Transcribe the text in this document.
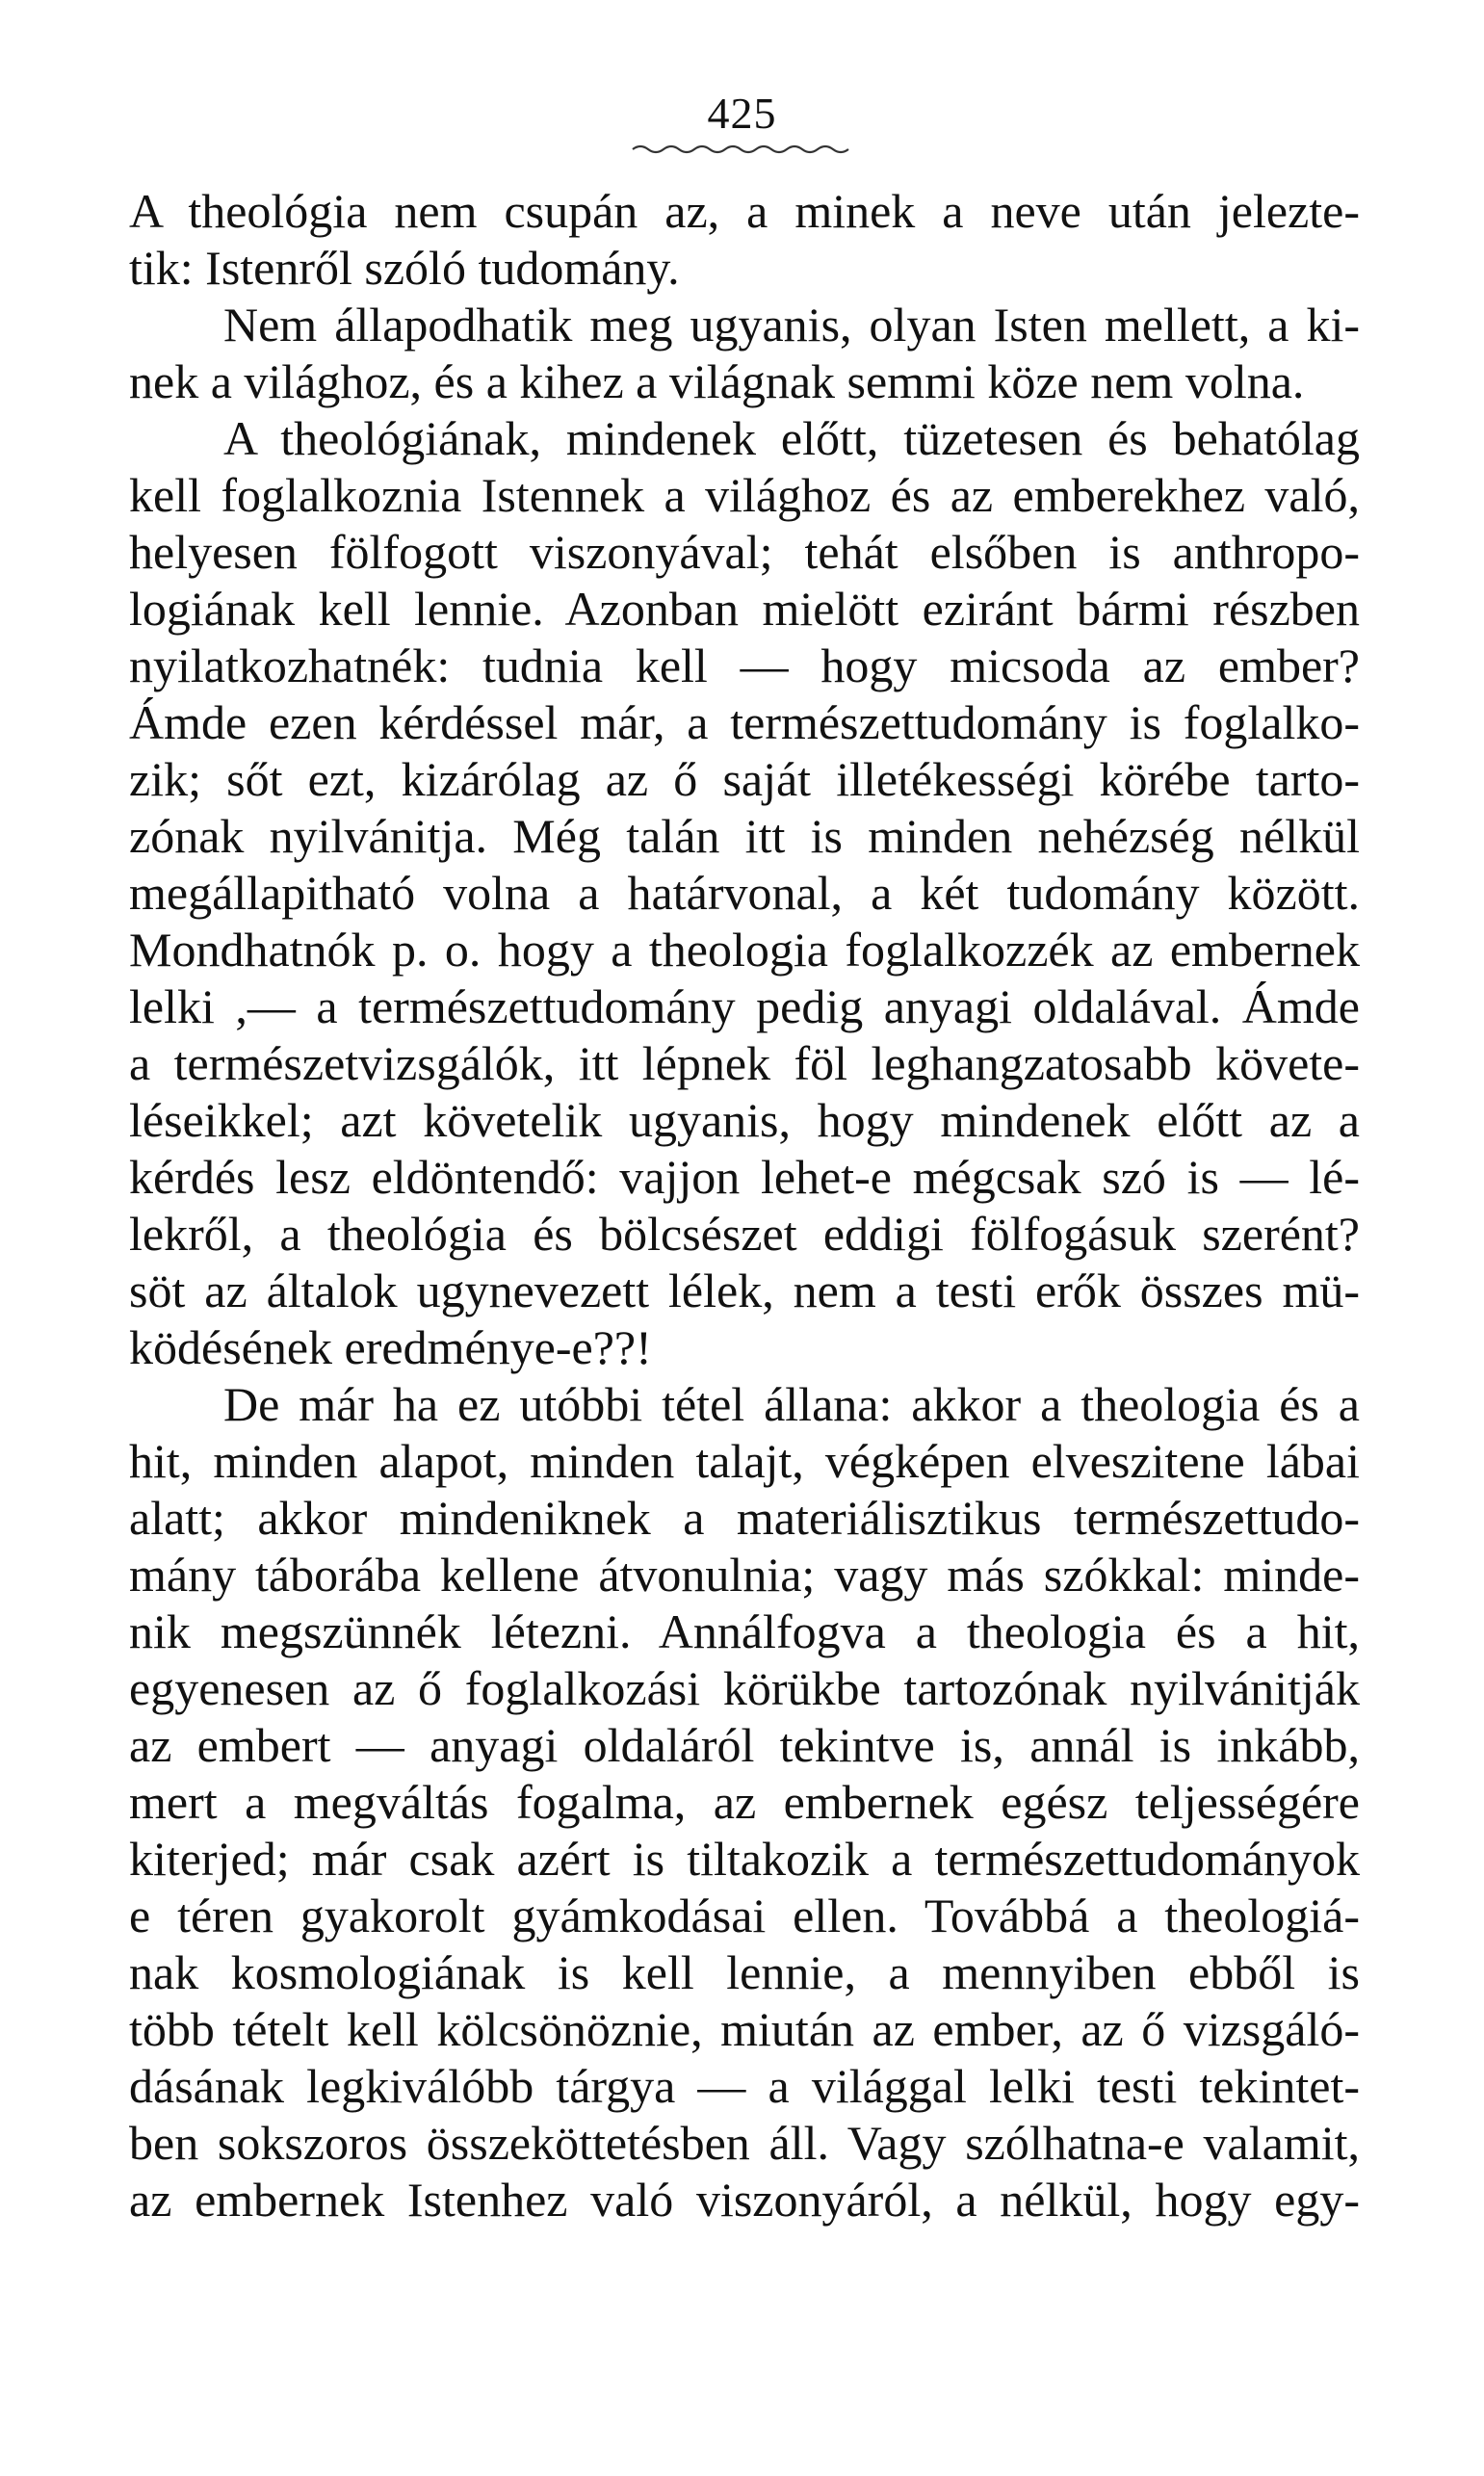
425
A theológia nem csupán az, a minek a neve után jelezte-
tik: Istenről szóló tudomány.
Nem állapodhatik meg ugyanis, olyan Isten mellett, a ki-
nek a világhoz, és a kihez a világnak semmi köze nem volna.
A theológiának, mindenek előtt, tüzetesen és behatólag
kell foglalkoznia Istennek a világhoz és az emberekhez való,
helyesen fölfogott viszonyával; tehát elsőben is anthropo-
logiának kell lennie. Azonban mielött eziránt bármi részben
nyilatkozhatnék: tudnia kell — hogy micsoda az ember?
Ámde ezen kérdéssel már, a természettudomány is foglalko-
zik; sőt ezt, kizárólag az ő saját illetékességi körébe tarto-
zónak nyilvánitja. Még talán itt is minden nehézség nélkül
megállapitható volna a határvonal, a két tudomány között.
Mondhatnók p. o. hogy a theologia foglalkozzék az embernek
lelki ,— a természettudomány pedig anyagi oldalával. Ámde
a természetvizsgálók, itt lépnek föl leghangzatosabb követe-
léseikkel; azt követelik ugyanis, hogy mindenek előtt az a
kérdés lesz eldöntendő: vajjon lehet-e mégcsak szó is — lé-
lekről, a theológia és bölcsészet eddigi fölfogásuk szerént?
söt az általok ugynevezett lélek, nem a testi erők összes mü-
ködésének eredménye-e??!
De már ha ez utóbbi tétel állana: akkor a theologia és a
hit, minden alapot, minden talajt, végképen elveszitene lábai
alatt; akkor mindeniknek a materiálisztikus természettudo-
mány táborába kellene átvonulnia; vagy más szókkal: minde-
nik megszünnék létezni. Annálfogva a theologia és a hit,
egyenesen az ő foglalkozási körükbe tartozónak nyilvánitják
az embert — anyagi oldaláról tekintve is, annál is inkább,
mert a megváltás fogalma, az embernek egész teljességére
kiterjed; már csak azért is tiltakozik a természettudományok
e téren gyakorolt gyámkodásai ellen. Továbbá a theologiá-
nak kosmologiának is kell lennie, a mennyiben ebből is
több tételt kell kölcsönöznie, miután az ember, az ő vizsgáló-
dásának legkiválóbb tárgya — a világgal lelki testi tekintet-
ben sokszoros összeköttetésben áll. Vagy szólhatna-e valamit,
az embernek Istenhez való viszonyáról, a nélkül, hogy egy-
